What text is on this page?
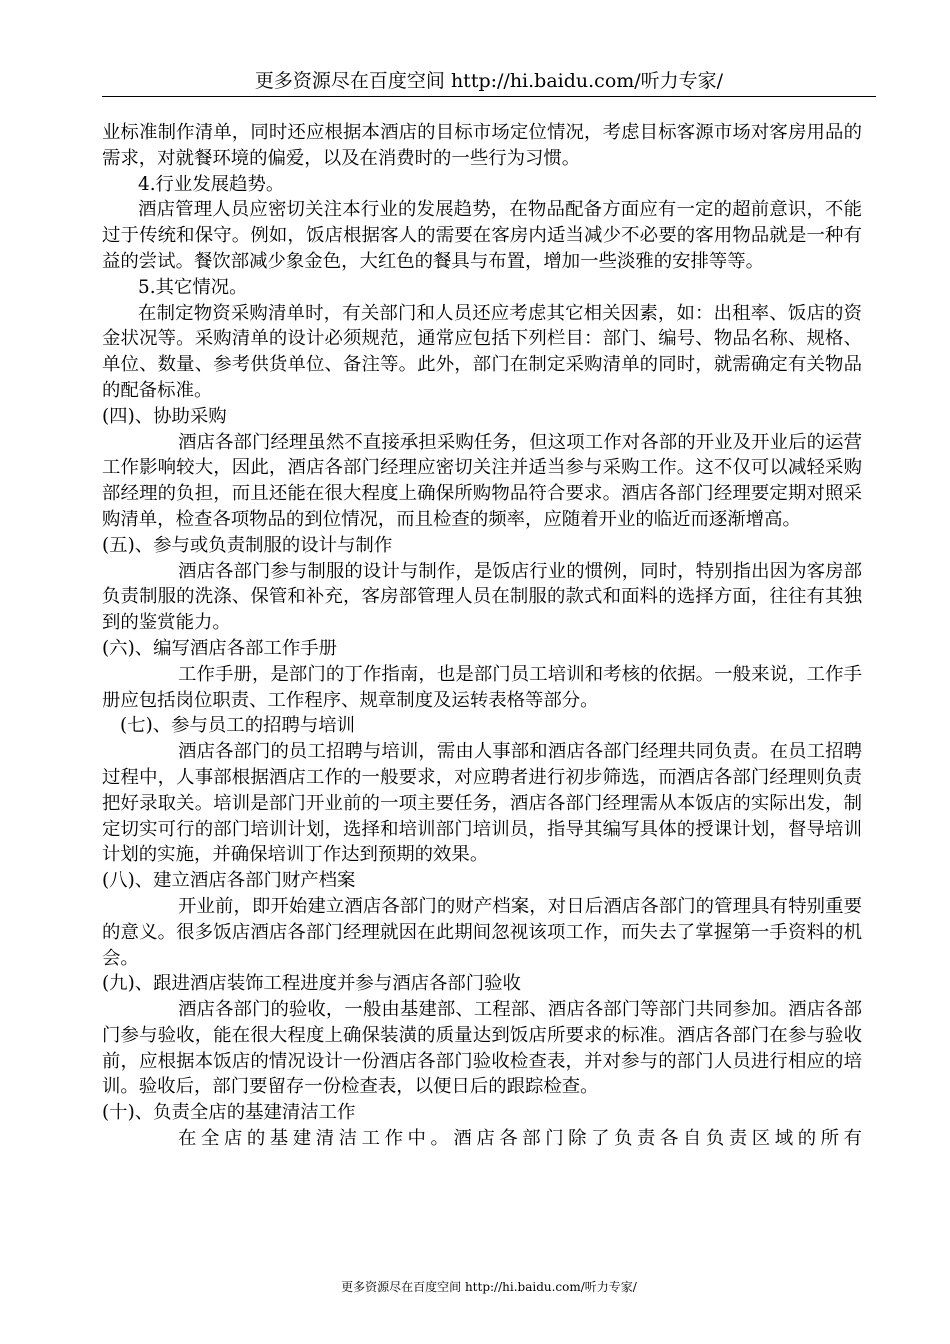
更多资源尽在百度空间 http://hi.baidu.com/听力专家/

业标准制作清单，同时还应根据本酒店的目标市场定位情况，考虑目标客源市场对客房用品的需求，对就餐环境的偏爱，以及在消费时的一些行为习惯。

4.行业发展趋势。

酒店管理人员应密切关注本行业的发展趋势，在物品配备方面应有一定的超前意识，不能过于传统和保守。例如，饭店根据客人的需要在客房内适当减少不必要的客用物品就是一种有益的尝试。餐饮部减少象金色，大红色的餐具与布置，增加一些淡雅的安排等等。

5.其它情况。

在制定物资采购清单时，有关部门和人员还应考虑其它相关因素，如：出租率、饭店的资金状况等。采购清单的设计必须规范，通常应包括下列栏目：部门、编号、物品名称、规格、单位、数量、参考供货单位、备注等。此外，部门在制定采购清单的同时，就需确定有关物品的配备标准。

(四)、协助采购

酒店各部门经理虽然不直接承担采购任务，但这项工作对各部的开业及开业后的运营工作影响较大，因此，酒店各部门经理应密切关注并适当参与采购工作。这不仅可以减轻采购部经理的负担，而且还能在很大程度上确保所购物品符合要求。酒店各部门经理要定期对照采购清单，检查各项物品的到位情况，而且检查的频率，应随着开业的临近而逐渐增高。

(五)、参与或负责制服的设计与制作

酒店各部门参与制服的设计与制作，是饭店行业的惯例，同时，特别指出因为客房部负责制服的洗涤、保管和补充，客房部管理人员在制服的款式和面料的选择方面，往往有其独到的鉴赏能力。

(六)、编写酒店各部工作手册

工作手册，是部门的丁作指南，也是部门员工培训和考核的依据。一般来说，工作手册应包括岗位职责、工作程序、规章制度及运转表格等部分。

(七)、参与员工的招聘与培训

酒店各部门的员工招聘与培训，需由人事部和酒店各部门经理共同负责。在员工招聘过程中，人事部根据酒店工作的一般要求，对应聘者进行初步筛选，而酒店各部门经理则负责把好录取关。培训是部门开业前的一项主要任务，酒店各部门经理需从本饭店的实际出发，制定切实可行的部门培训计划，选择和培训部门培训员，指导其编写具体的授课计划，督导培训计划的实施，并确保培训丁作达到预期的效果。

(八)、建立酒店各部门财产档案

开业前，即开始建立酒店各部门的财产档案，对日后酒店各部门的管理具有特别重要的意义。很多饭店酒店各部门经理就因在此期间忽视该项工作，而失去了掌握第一手资料的机会。

(九)、跟进酒店装饰工程进度并参与酒店各部门验收

酒店各部门的验收，一般由基建部、工程部、酒店各部门等部门共同参加。酒店各部门参与验收，能在很大程度上确保装潢的质量达到饭店所要求的标准。酒店各部门在参与验收前，应根据本饭店的情况设计一份酒店各部门验收检查表，并对参与的部门人员进行相应的培训。验收后，部门要留存一份检查表，以便日后的跟踪检查。

(十)、负责全店的基建清洁工作

在全店的基建清洁工作中。酒店各部门除了负责各自负责区域的所有

更多资源尽在百度空间 http://hi.baidu.com/听力专家/
